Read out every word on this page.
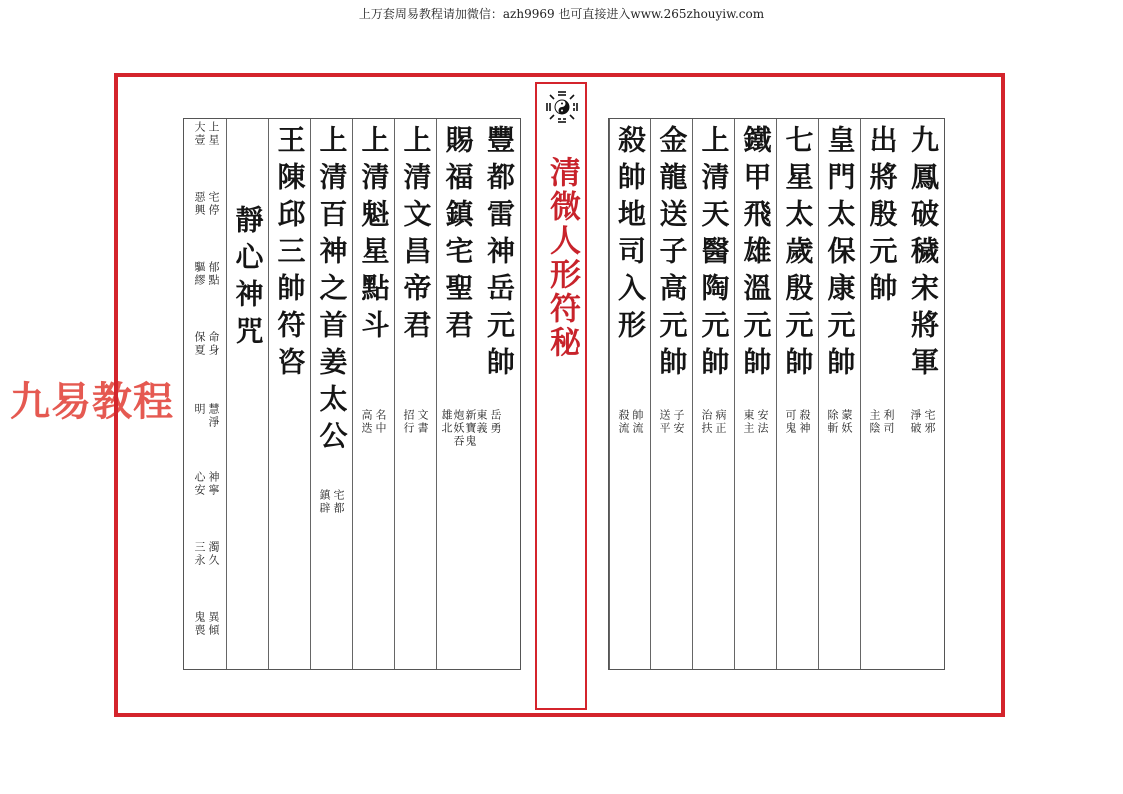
上万套周易教程请加微信：azh9969 也可直接进入www.265zhouyiw.com
九易教程
豐都雷神岳元帥
岳勇
東義
賜福鎮宅聖君
新寶鬼
炮妖吞
雄北
上清文昌帝君
文書
招行
上清魁星點斗
名中
高迭
上清百神之首姜太公
宅都
鎮辟
王陳邱三帥符咨
靜心神咒
上星
大壹
宅停
惡興
郁點
驅繆
命身
保夏
慧淨
明
神寧
心安
濁久
三永
異傾
鬼喪
清微人形符秘	九鳳破穢宋將軍
宅邪
淨破
出將殷元帥
利司
主陰
皇門太保康元帥
蒙妖
除斬
七星太歲殷元帥
殺神
可鬼
鐵甲飛雄溫元帥
安法
東主
上清天醫陶元帥
病正
治扶
金龍送子高元帥
子安
送平
殺帥地司入形
帥流
殺流
